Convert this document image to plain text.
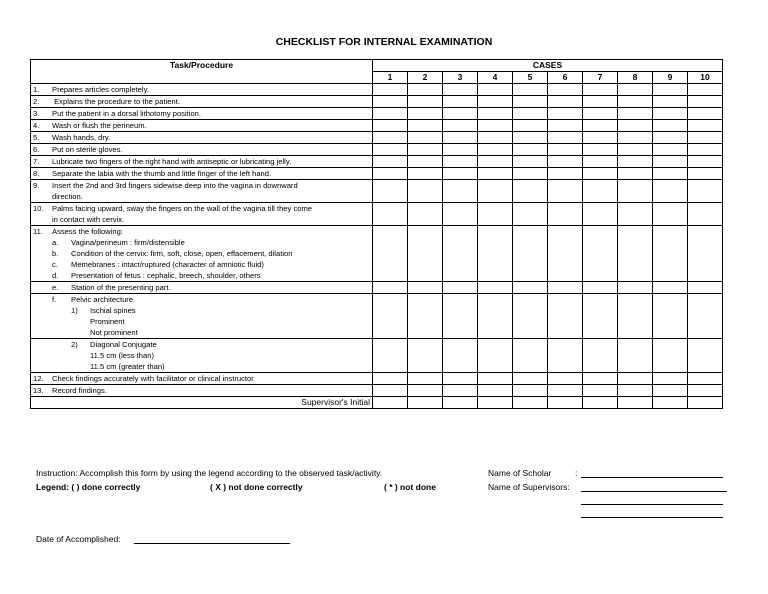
CHECKLIST FOR INTERNAL EXAMINATION
Task/Procedure	CASES									
	1	2	3	4	5	6	7	8	9	10

1. Prepares articles completely.										

2. Explains the procedure to the patient.										

3. Put the patient in a dorsal lithotomy position.										

4. Wash or flush the perineum.										

5. Wash hands, dry.										

6. Put on sterile gloves.										

7. Lubricate two fingers of the right hand with antiseptic or lubricating jelly.										

8. Separate the labia with the thumb and little finger of the left hand.										

9. Insert the 2nd and 3rd fingers sidewise deep into the vagina in downward
direction.										

10. Palms facing upward, sway the fingers on the wall of the vagina till they come
in contact with cervix.										

11. Assess the following:
a. Vagina/perineum : firm/distensible
b. Condition of the cervix: firm, soft, close, open, effacement, dilation
c. Memebranes : intact/ruptured (character of amniotic fluid)
d. Presentation of fetus : cephalic, breech, shoulder, others										

e. Station of the presenting part.										

f. Pelvic architecture
1) Ischial spines
Prominent
Not prominent										

2) Diagonal Conjugate
11.5 cm (less than)
11.5 cm (greater than)										

12. Check findings accurately with facilitator or clinical instructor										

13. Record findings.										

Supervisor's Initial										
Instruction: Accomplish this form by using the legend according to the observed task/activity.
Legend: ( ) done correctly	( X ) not done correctly	( * ) not done
Name of Scholar	:
Name of Supervisors:
Date of Accomplished:
